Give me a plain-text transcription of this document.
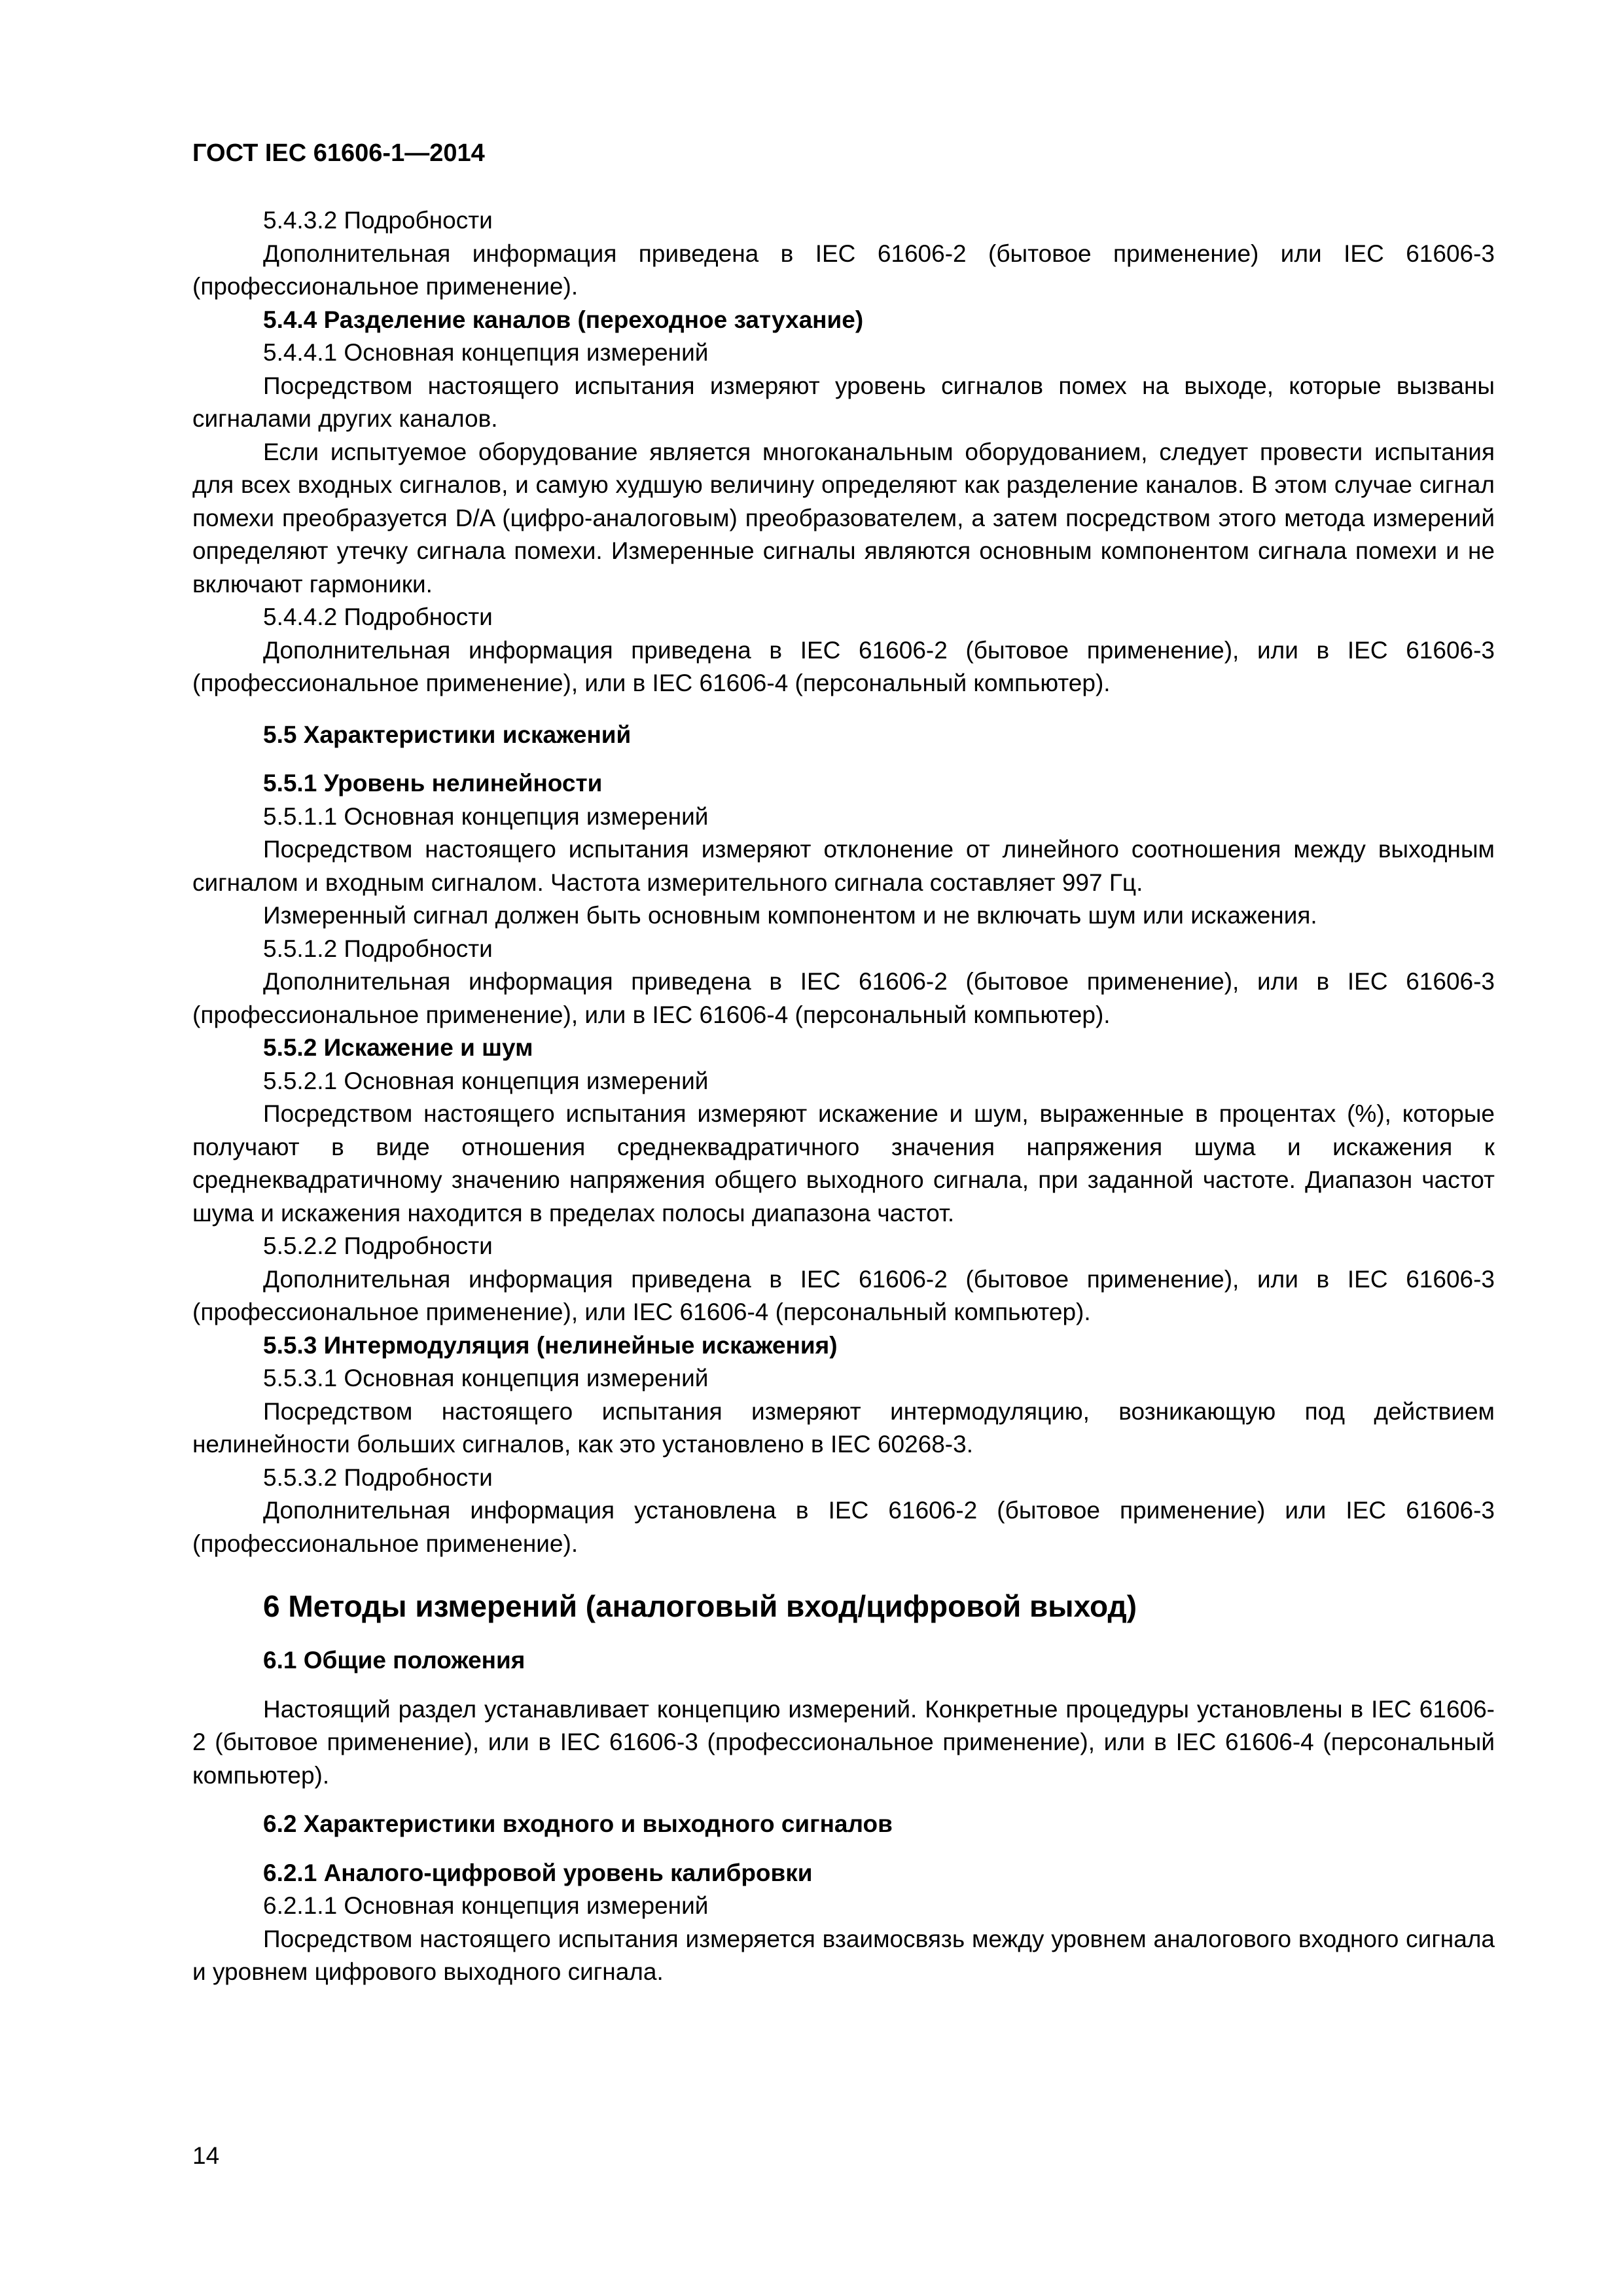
ГОСТ IEC 61606-1—2014

5.4.3.2 Подробности

Дополнительная информация приведена в IEC 61606-2 (бытовое применение) или IEC 61606-3 (профессиональное применение).

5.4.4 Разделение каналов (переходное затухание)

5.4.4.1 Основная концепция измерений

Посредством настоящего испытания измеряют уровень сигналов помех на выходе, которые вызваны сигналами других каналов.

Если испытуемое оборудование является многоканальным оборудованием, следует провести испытания для всех входных сигналов, и самую худшую величину определяют как разделение каналов. В этом случае сигнал помехи преобразуется D/A (цифро-аналоговым) преобразователем, а затем посредством этого метода измерений определяют утечку сигнала помехи. Измеренные сигналы являются основным компонентом сигнала помехи и не включают гармоники.

5.4.4.2 Подробности

Дополнительная информация приведена в IEC 61606-2 (бытовое применение), или в IEC 61606-3 (профессиональное применение), или в IEC 61606-4 (персональный компьютер).

5.5 Характеристики искажений

5.5.1 Уровень нелинейности

5.5.1.1 Основная концепция измерений

Посредством настоящего испытания измеряют отклонение от линейного соотношения между выходным сигналом и входным сигналом. Частота измерительного сигнала составляет 997 Гц.

Измеренный сигнал должен быть основным компонентом и не включать шум или искажения.

5.5.1.2 Подробности

Дополнительная информация приведена в IEC 61606-2 (бытовое применение), или в IEC 61606-3 (профессиональное применение), или в IEC 61606-4 (персональный компьютер).

5.5.2 Искажение и шум

5.5.2.1 Основная концепция измерений

Посредством настоящего испытания измеряют искажение и шум, выраженные в процентах (%), которые получают в виде отношения среднеквадратичного значения напряжения шума и искажения к среднеквадратичному значению напряжения общего выходного сигнала, при заданной частоте. Диапазон частот шума и искажения находится в пределах полосы диапазона частот.

5.5.2.2 Подробности

Дополнительная информация приведена в IEC 61606-2 (бытовое применение), или в IEC 61606-3 (профессиональное применение), или IEC 61606-4 (персональный компьютер).

5.5.3 Интермодуляция (нелинейные искажения)

5.5.3.1 Основная концепция измерений

Посредством настоящего испытания измеряют интермодуляцию, возникающую под действием нелинейности больших сигналов, как это установлено в IEC 60268-3.

5.5.3.2 Подробности

Дополнительная информация установлена в IEC 61606-2 (бытовое применение) или IEC 61606-3 (профессиональное применение).

6 Методы измерений (аналоговый вход/цифровой выход)

6.1 Общие положения

Настоящий раздел устанавливает концепцию измерений. Конкретные процедуры установлены в IEC 61606-2 (бытовое применение), или в IEC 61606-3 (профессиональное применение), или в IEC 61606-4 (персональный компьютер).

6.2 Характеристики входного и выходного сигналов

6.2.1 Аналого-цифровой уровень калибровки

6.2.1.1 Основная концепция измерений

Посредством настоящего испытания измеряется взаимосвязь между уровнем аналогового входного сигнала и уровнем цифрового выходного сигнала.

14
